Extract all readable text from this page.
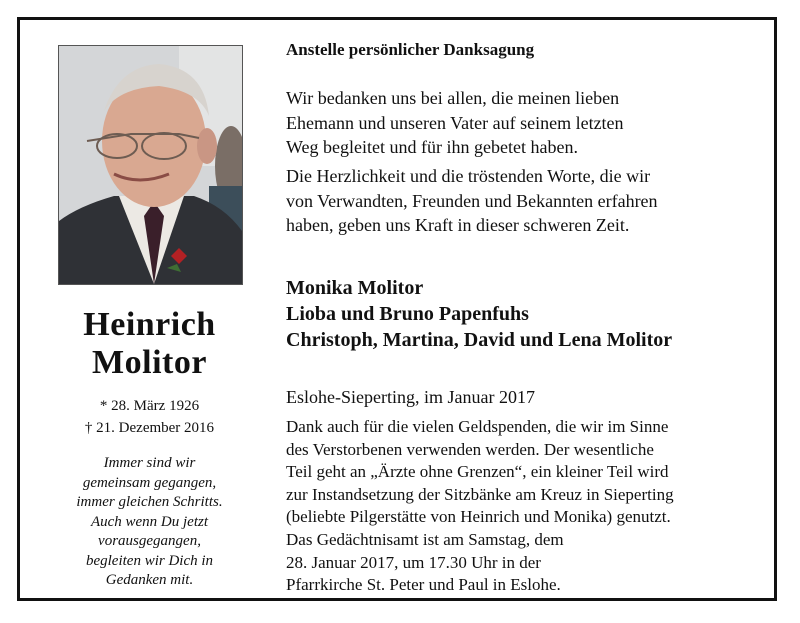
Heinrich
Molitor
* 28. März 1926
† 21. Dezember 2016
Immer sind wir
gemeinsam gegangen,
immer gleichen Schritts.
Auch wenn Du jetzt
vorausgegangen,
begleiten wir Dich in
Gedanken mit.
Anstelle persönlicher Danksagung
Wir bedanken uns bei allen, die meinen lieben
Ehemann und unseren Vater auf seinem letzten
Weg begleitet und für ihn gebetet haben.
Die Herzlichkeit und die tröstenden Worte, die wir
von Verwandten, Freunden und Bekannten erfahren
haben, geben uns Kraft in dieser schweren Zeit.
Monika Molitor
Lioba und Bruno Papenfuhs
Christoph, Martina, David und Lena Molitor
Eslohe-Sieperting, im Januar 2017
Dank auch für die vielen Geldspenden, die wir im Sinne
des Verstorbenen verwenden werden. Der wesentliche
Teil geht an „Ärzte ohne Grenzen“, ein kleiner Teil wird
zur Instandsetzung der Sitzbänke am Kreuz in Sieperting
(beliebte Pilgerstätte von Heinrich und Monika) genutzt.
Das Gedächtnisamt ist am Samstag, dem
28. Januar 2017, um 17.30 Uhr in der
Pfarrkirche St. Peter und Paul in Eslohe.
